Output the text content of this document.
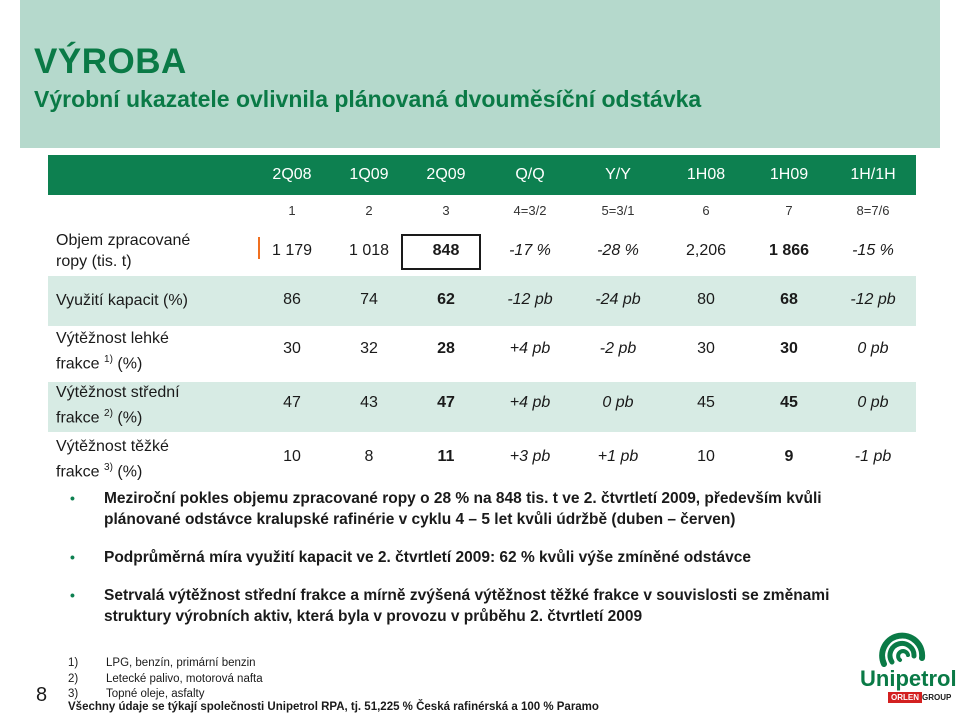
VÝROBA
Výrobní ukazatele ovlivnila plánovaná dvouměsíční odstávka
2Q08	1Q09	2Q09	Q/Q	Y/Y	1H08	1H09	1H/1H
1	2	3	4=3/2	5=3/1	6	7	8=7/6
Objem zpracované
ropy (tis. t)
1 179	1 018	848	-17 %	-28 %	2,206	1 866	-15 %
Využití kapacit (%)	86	74	62	-12 pb	-24 pb	80	68	-12 pb
Výtěžnost lehké
frakce $^{1)}$ (%)
30	32	28	+4 pb	-2 pb	30	30	0 pb
Výtěžnost střední
frakce $^{2)}$ (%)
47	43	47	+4 pb	0 pb	45	45	0 pb
Výtěžnost těžké
frakce $^{3)}$ (%)
10	8	11	+3 pb	+1 pb	10	9	-1 pb
• Meziroční pokles objemu zpracované ropy o 28 % na 848 tis. t ve 2. čtvrtletí 2009, především kvůli plánované odstávce kralupské rafinérie v cyklu 4 – 5 let kvůli údržbě (duben – červen)
• Podprůměrná míra využití kapacit ve 2. čtvrtletí 2009: 62 % kvůli výše zmíněné odstávce
• Setrvalá výtěžnost střední frakce a mírně zvýšená výtěžnost těžké frakce v souvislosti se změnami struktury výrobních aktiv, která byla v provozu v průběhu 2. čtvrtletí 2009
1)	LPG, benzín, primární benzin
2)	Letecké palivo, motorová nafta
3)	Topné oleje, asfalty
Všechny údaje se týkají společnosti Unipetrol RPA, tj. 51,225 % Česká rafinérská a 100 % Paramo
8
Unipetrol
ORLEN GROUP
